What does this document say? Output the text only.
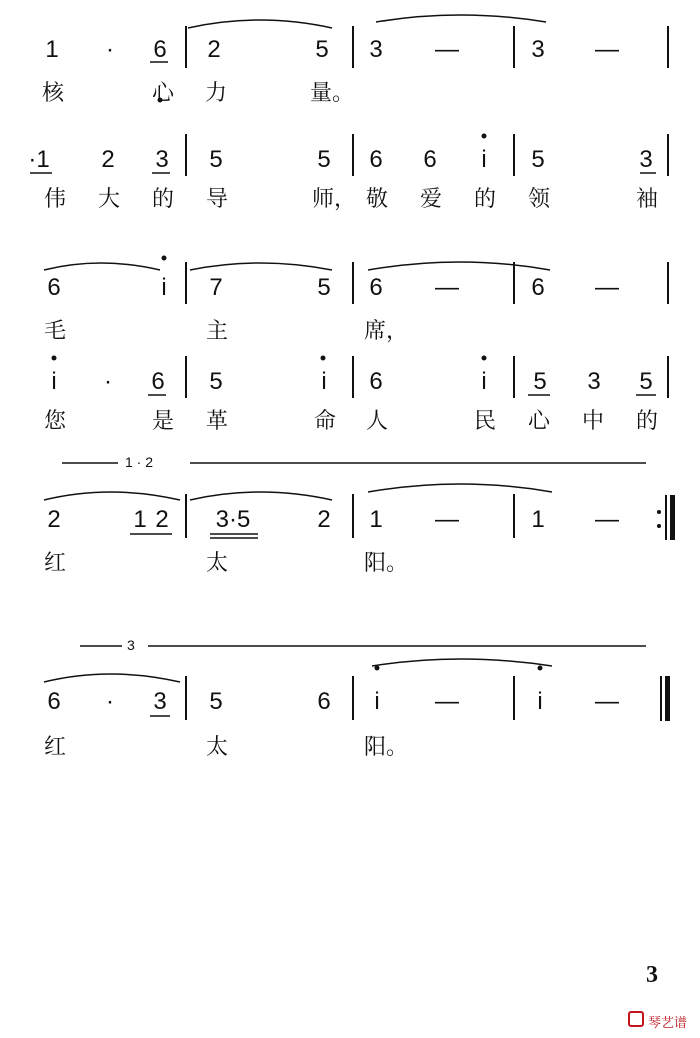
1	·	6 2	5 3	—	3	—
核	心 力	量。
·1 2 3 5	5 6 6	i	5	3
伟 大 的 导	师， 敬 爱 的 领	袖
6	i	7	5 6	—	6	—
毛	主	席，
i	·	6 5	i	6	i	5 3 5
您	是 革	命 人	民 心 中 的
1 · 2
2	1 2	3·5	2 1	—	1	—
红	太	阳。
3
6	·	3 5	6	i	—	i	—
红	太	阳。
3
琴艺谱
